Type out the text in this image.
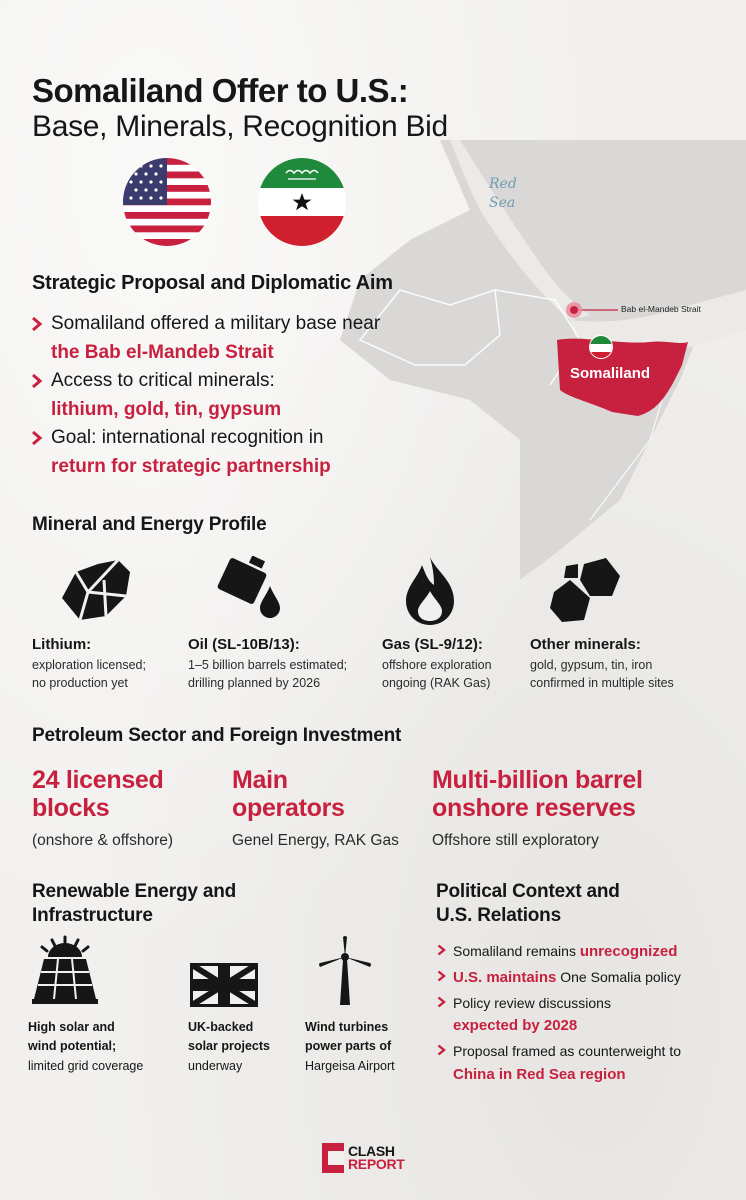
Red
Sea
Bab el-Mandeb Strait
Somaliland
Somaliland Offer to U.S.:
Base, Minerals, Recognition Bid
Strategic Proposal and Diplomatic Aim
Somaliland offered a military base near
the Bab el-Mandeb Strait
Access to critical minerals:
lithium, gold, tin, gypsum
Goal: international recognition in
return for strategic partnership
Mineral and Energy Profile
Lithium:
exploration licensed;
no production yet
Oil (SL-10B/13):
1–5 billion barrels estimated;
drilling planned by 2026
Gas (SL-9/12):
offshore exploration
ongoing (RAK Gas)
Other minerals:
gold, gypsum, tin, iron
confirmed in multiple sites
Petroleum Sector and Foreign Investment
24 licensed
blocks
(onshore & offshore)
Main
operators
Genel Energy, RAK Gas
Multi-billion barrel
onshore reserves
Offshore still exploratory
Renewable Energy and
Infrastructure
High solar and
wind potential;
limited grid coverage
UK-backed
solar projects
underway
Wind turbines
power parts of
Hargeisa Airport
Political Context and
U.S. Relations
Somaliland remains unrecognized
U.S. maintains One Somalia policy
Policy review discussions
expected by 2028
Proposal framed as counterweight to
China in Red Sea region
CLASH
REPORT
